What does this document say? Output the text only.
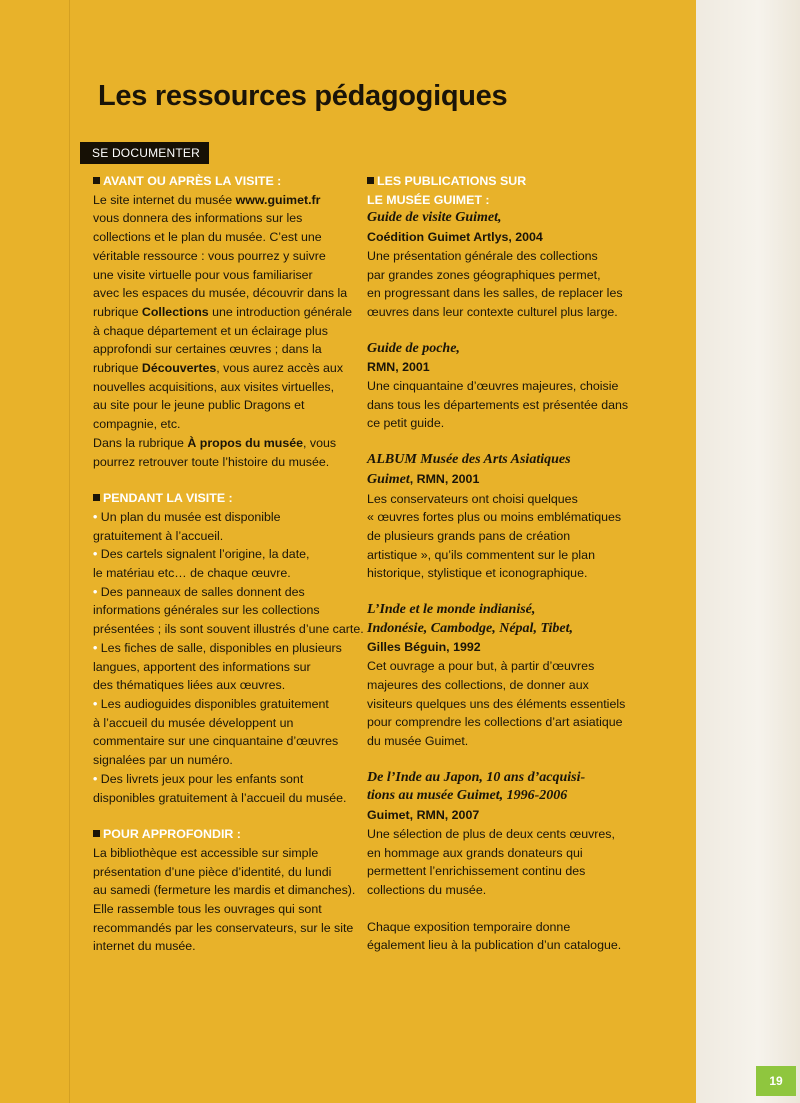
Les ressources pédagogiques
SE DOCUMENTER
AVANT OU APRÈS LA VISITE :
Le site internet du musée www.guimet.fr
vous donnera des informations sur les
collections et le plan du musée. C’est une
véritable ressource : vous pourrez y suivre
une visite virtuelle pour vous familiariser
avec les espaces du musée, découvrir dans la
rubrique Collections une introduction générale
à chaque département et un éclairage plus
approfondi sur certaines œuvres ; dans la
rubrique Découvertes, vous aurez accès aux
nouvelles acquisitions, aux visites virtuelles,
au site pour le jeune public Dragons et
compagnie, etc.
Dans la rubrique À propos du musée, vous
pourrez retrouver toute l’histoire du musée.
PENDANT LA VISITE :
• Un plan du musée est disponible
gratuitement à l’accueil.
• Des cartels signalent l’origine, la date,
le matériau etc… de chaque œuvre.
• Des panneaux de salles donnent des
informations générales sur les collections
présentées ; ils sont souvent illustrés d’une carte.
• Les fiches de salle, disponibles en plusieurs
langues, apportent des informations sur
des thématiques liées aux œuvres.
• Les audioguides disponibles gratuitement
à l’accueil du musée développent un
commentaire sur une cinquantaine d’œuvres
signalées par un numéro.
• Des livrets jeux pour les enfants sont
disponibles gratuitement à l’accueil du musée.
POUR APPROFONDIR :
La bibliothèque est accessible sur simple
présentation d’une pièce d’identité, du lundi
au samedi (fermeture les mardis et dimanches).
Elle rassemble tous les ouvrages qui sont
recommandés par les conservateurs, sur le site
internet du musée.
LES PUBLICATIONS SUR
LE MUSÉE GUIMET :
Guide de visite Guimet,
Coédition Guimet Artlys, 2004
Une présentation générale des collections
par grandes zones géographiques permet,
en progressant dans les salles, de replacer les
œuvres dans leur contexte culturel plus large.
Guide de poche,
RMN, 2001
Une cinquantaine d’œuvres majeures, choisie
dans tous les départements est présentée dans
ce petit guide.
ALBUM Musée des Arts Asiatiques
Guimet, RMN, 2001
Les conservateurs ont choisi quelques
« œuvres fortes plus ou moins emblématiques
de plusieurs grands pans de création
artistique », qu’ils commentent sur le plan
historique, stylistique et iconographique.
L’Inde et le monde indianisé,
Indonésie, Cambodge, Népal, Tibet,
Gilles Béguin, 1992
Cet ouvrage a pour but, à partir d’œuvres
majeures des collections, de donner aux
visiteurs quelques uns des éléments essentiels
pour comprendre les collections d’art asiatique
du musée Guimet.
De l’Inde au Japon, 10 ans d’acquisi-
tions au musée Guimet, 1996-2006
Guimet, RMN, 2007
Une sélection de plus de deux cents œuvres,
en hommage aux grands donateurs qui
permettent l’enrichissement continu des
collections du musée.
Chaque exposition temporaire donne
également lieu à la publication d’un catalogue.
19
